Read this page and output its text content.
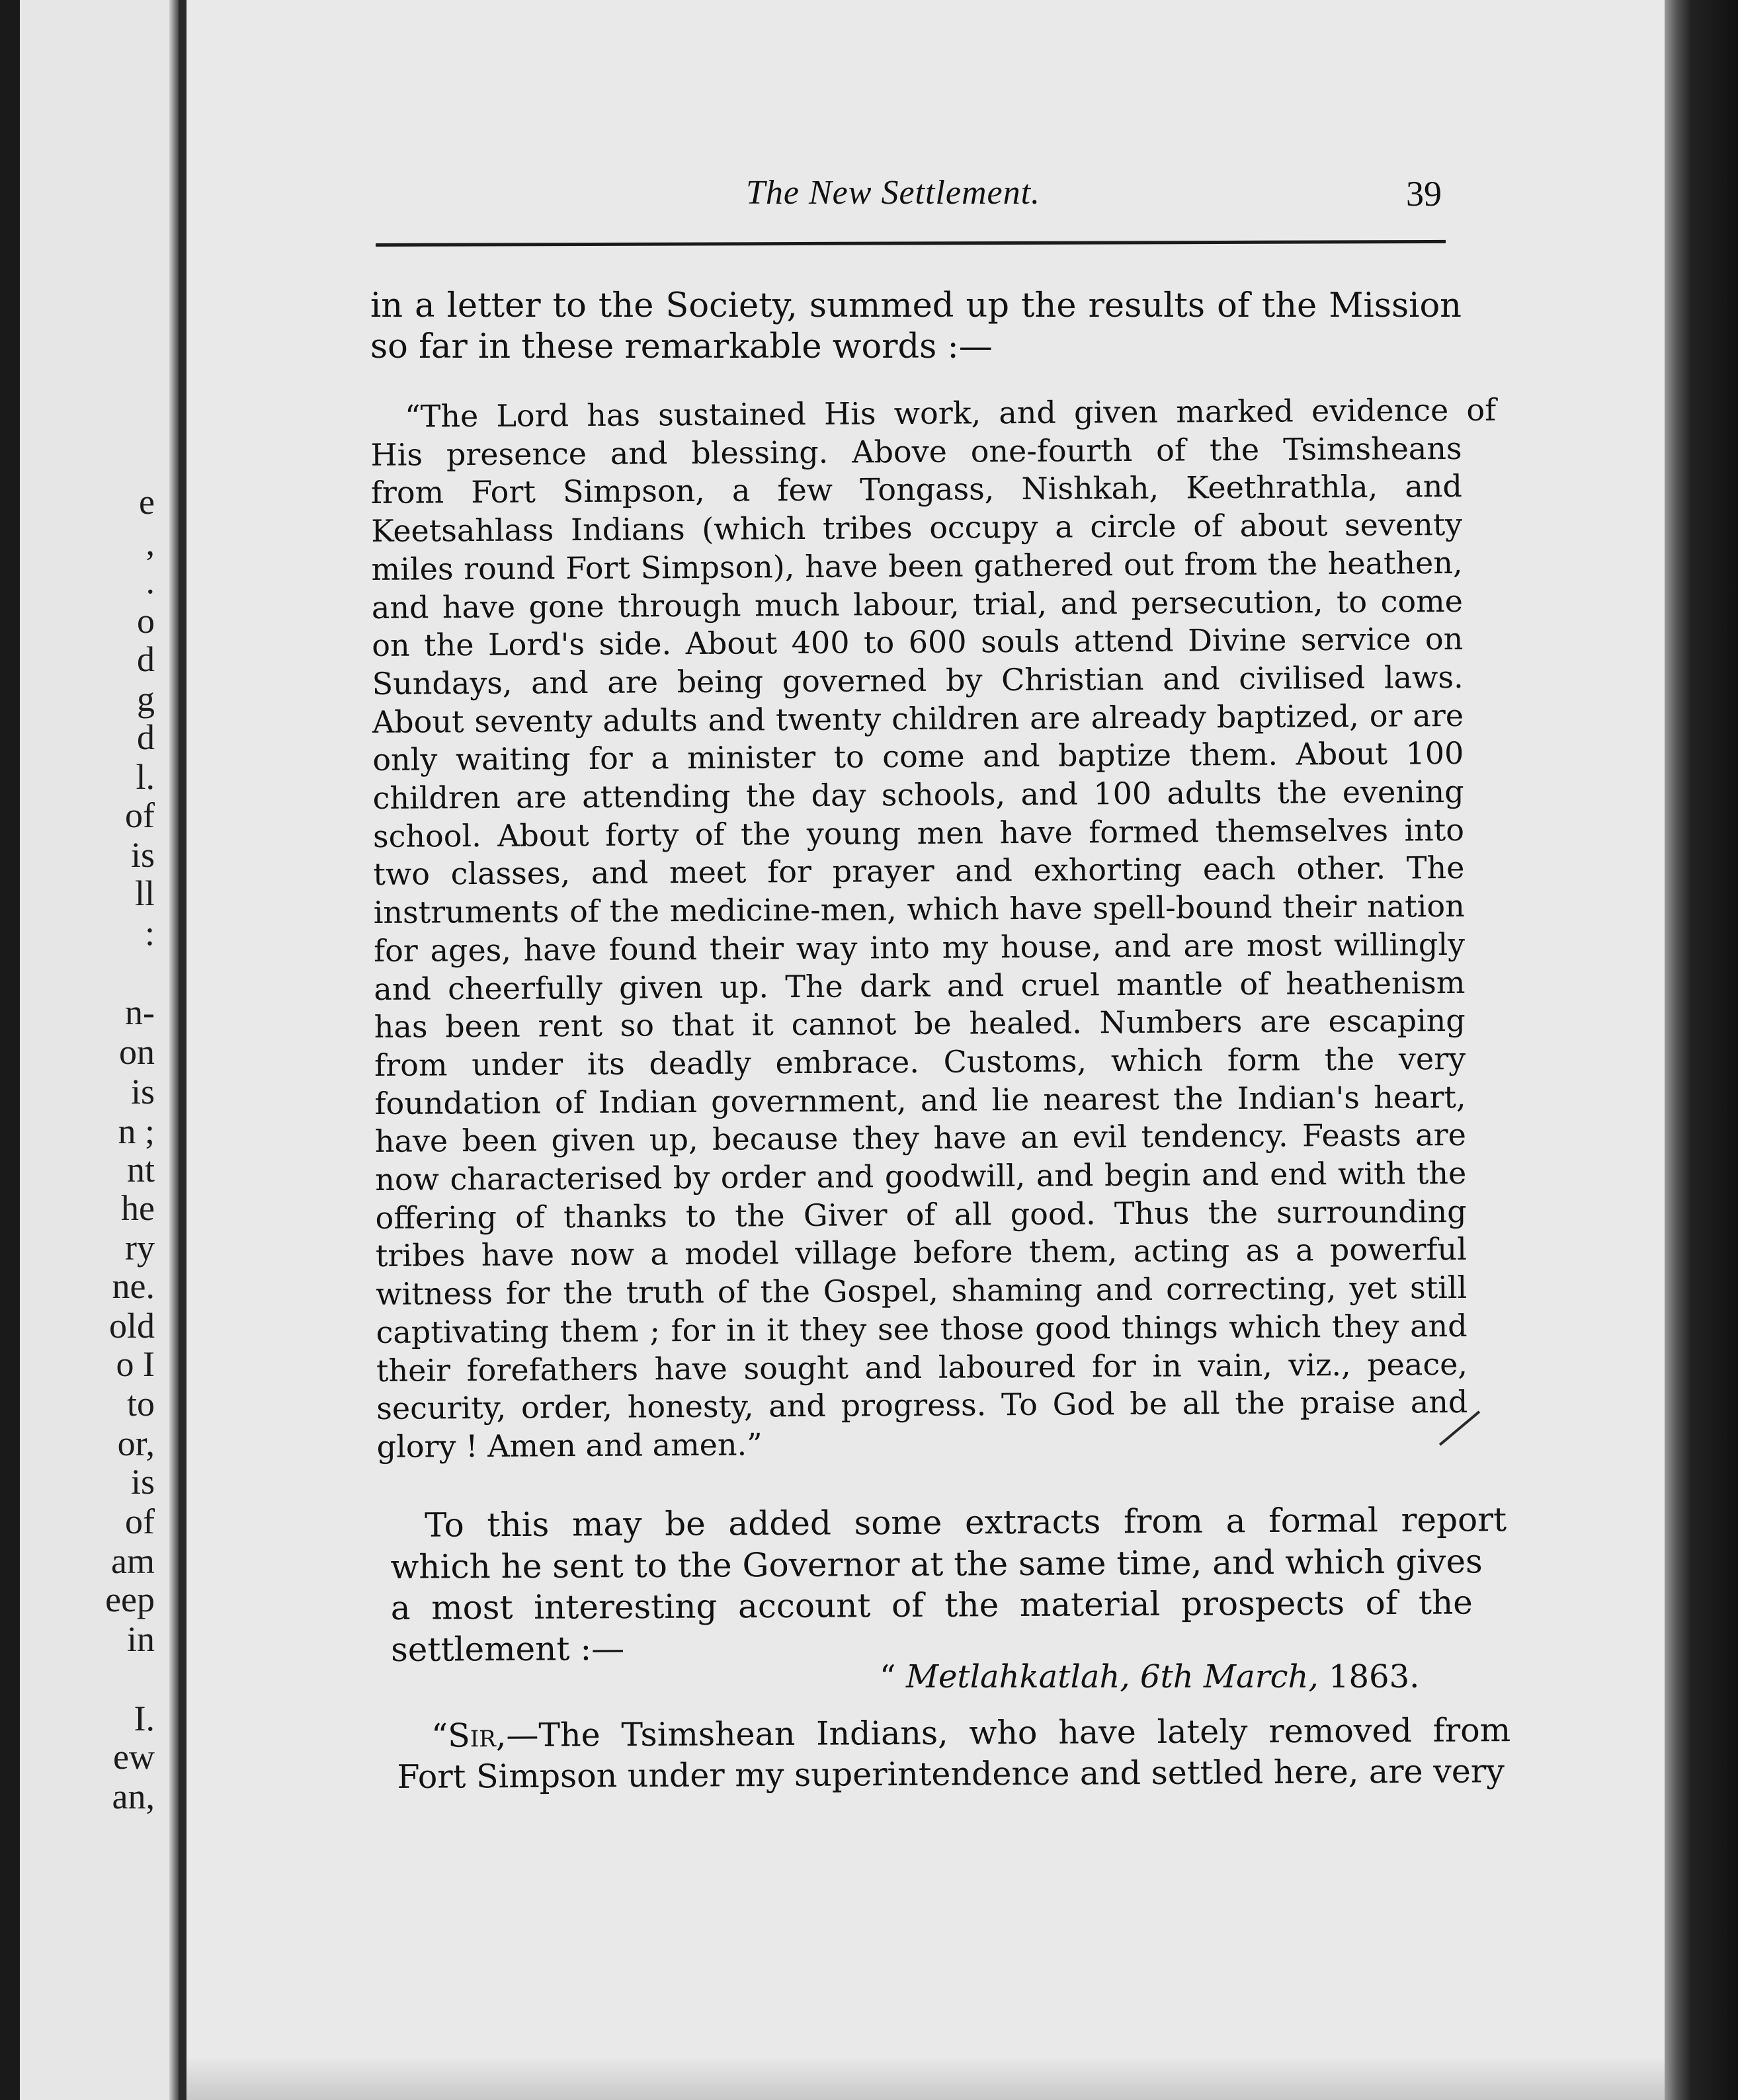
e
,
.
o
d
g
d
l.
of
is
ll
:
n-
on
is
n ;
nt
he
ry
ne.
old
o I
to
or,
is
of
am
eep
in
I.
ew
an,
The New Settlement.	39
in a letter to the Society, summed up the results of the Mission
so far in these remarkable words :—
“The Lord has sustained His work, and given marked evidence of
His presence and blessing. Above one-fourth of the Tsimsheans
from Fort Simpson, a few Tongass, Nishkah, Keethrathla, and
Keetsahlass Indians (which tribes occupy a circle of about seventy
miles round Fort Simpson), have been gathered out from the heathen,
and have gone through much labour, trial, and persecution, to come
on the Lord's side. About 400 to 600 souls attend Divine service on
Sundays, and are being governed by Christian and civilised laws.
About seventy adults and twenty children are already baptized, or are
only waiting for a minister to come and baptize them. About 100
children are attending the day schools, and 100 adults the evening
school. About forty of the young men have formed themselves into
two classes, and meet for prayer and exhorting each other. The
instruments of the medicine-men, which have spell-bound their nation
for ages, have found their way into my house, and are most willingly
and cheerfully given up. The dark and cruel mantle of heathenism
has been rent so that it cannot be healed. Numbers are escaping
from under its deadly embrace. Customs, which form the very
foundation of Indian government, and lie nearest the Indian's heart,
have been given up, because they have an evil tendency. Feasts are
now characterised by order and goodwill, and begin and end with the
offering of thanks to the Giver of all good. Thus the surrounding
tribes have now a model village before them, acting as a powerful
witness for the truth of the Gospel, shaming and correcting, yet still
captivating them ; for in it they see those good things which they and
their forefathers have sought and laboured for in vain, viz., peace,
security, order, honesty, and progress. To God be all the praise and
glory ! Amen and amen.”
To this may be added some extracts from a formal report
which he sent to the Governor at the same time, and which gives
a most interesting account of the material prospects of the
settlement :—
“ Metlahkatlah, 6th March, 1863.
“Sir,—The Tsimshean Indians, who have lately removed from
Fort Simpson under my superintendence and settled here, are very
